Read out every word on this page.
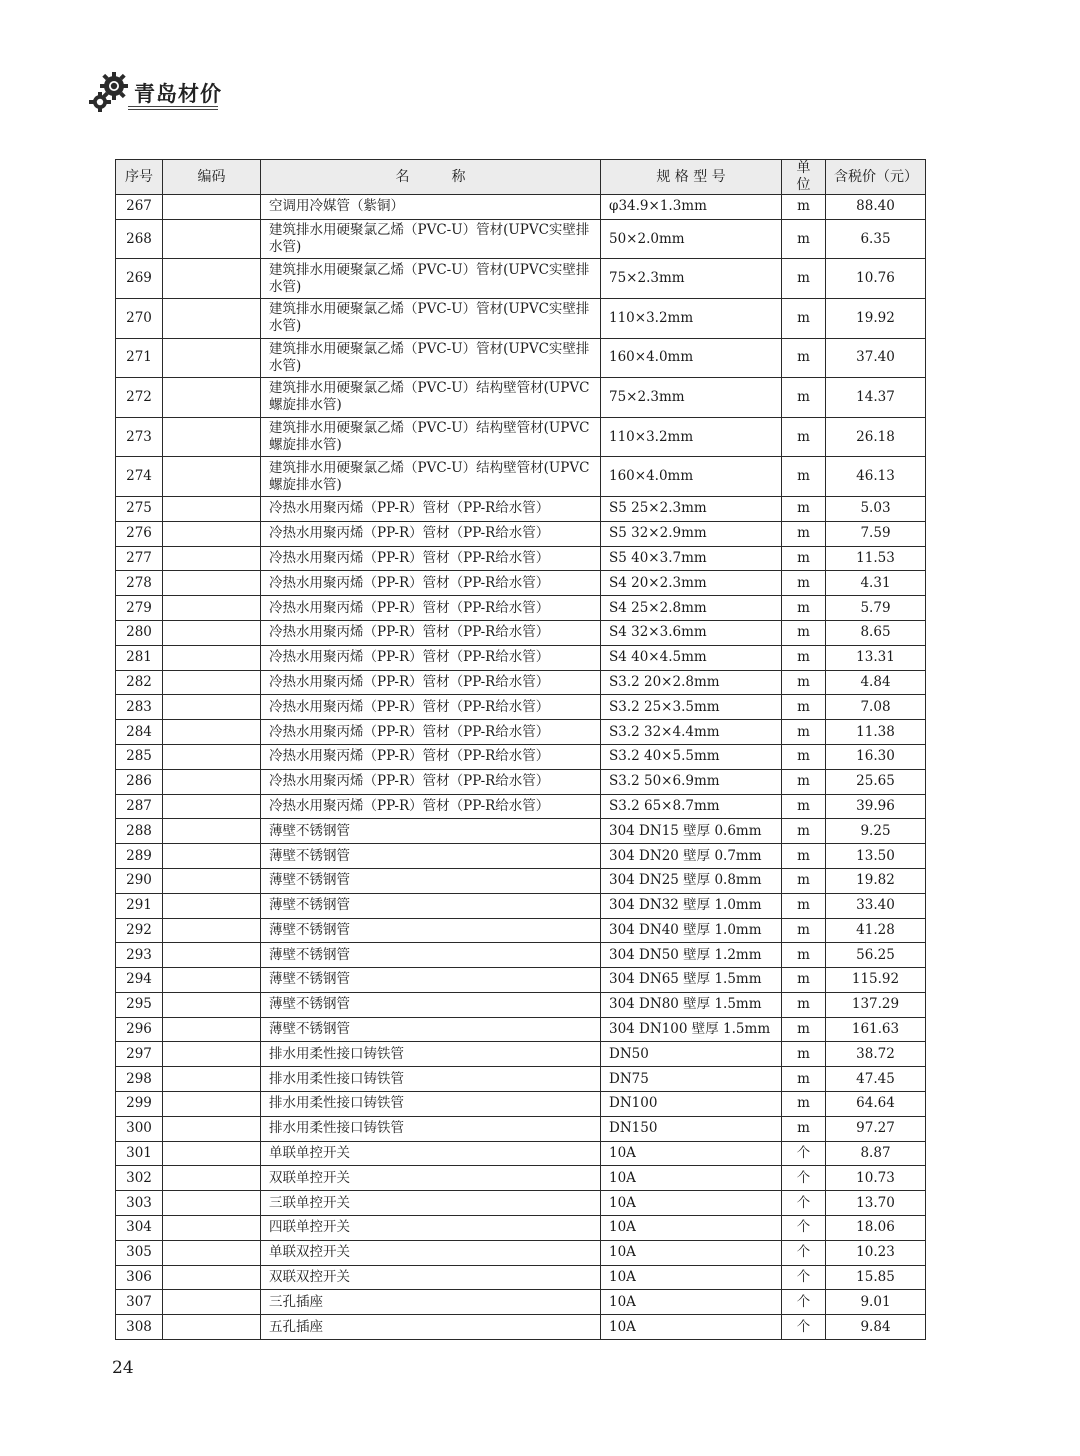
青岛材价
序号	编码	名　　　称	规 格 型 号	单位	含税价（元）
267		空调用冷媒管（紫铜）	φ34.9×1.3mm	m	88.40
268		建筑排水用硬聚氯乙烯（PVC-U）管材(UPVC实壁排水管)	50×2.0mm	m	6.35
269		建筑排水用硬聚氯乙烯（PVC-U）管材(UPVC实壁排水管)	75×2.3mm	m	10.76
270		建筑排水用硬聚氯乙烯（PVC-U）管材(UPVC实壁排水管)	110×3.2mm	m	19.92
271		建筑排水用硬聚氯乙烯（PVC-U）管材(UPVC实壁排水管)	160×4.0mm	m	37.40
272		建筑排水用硬聚氯乙烯（PVC-U）结构壁管材(UPVC螺旋排水管)	75×2.3mm	m	14.37
273		建筑排水用硬聚氯乙烯（PVC-U）结构壁管材(UPVC螺旋排水管)	110×3.2mm	m	26.18
274		建筑排水用硬聚氯乙烯（PVC-U）结构壁管材(UPVC螺旋排水管)	160×4.0mm	m	46.13
275		冷热水用聚丙烯（PP-R）管材（PP-R给水管）	S5 25×2.3mm	m	5.03
276		冷热水用聚丙烯（PP-R）管材（PP-R给水管）	S5 32×2.9mm	m	7.59
277		冷热水用聚丙烯（PP-R）管材（PP-R给水管）	S5 40×3.7mm	m	11.53
278		冷热水用聚丙烯（PP-R）管材（PP-R给水管）	S4 20×2.3mm	m	4.31
279		冷热水用聚丙烯（PP-R）管材（PP-R给水管）	S4 25×2.8mm	m	5.79
280		冷热水用聚丙烯（PP-R）管材（PP-R给水管）	S4 32×3.6mm	m	8.65
281		冷热水用聚丙烯（PP-R）管材（PP-R给水管）	S4 40×4.5mm	m	13.31
282		冷热水用聚丙烯（PP-R）管材（PP-R给水管）	S3.2 20×2.8mm	m	4.84
283		冷热水用聚丙烯（PP-R）管材（PP-R给水管）	S3.2 25×3.5mm	m	7.08
284		冷热水用聚丙烯（PP-R）管材（PP-R给水管）	S3.2 32×4.4mm	m	11.38
285		冷热水用聚丙烯（PP-R）管材（PP-R给水管）	S3.2 40×5.5mm	m	16.30
286		冷热水用聚丙烯（PP-R）管材（PP-R给水管）	S3.2 50×6.9mm	m	25.65
287		冷热水用聚丙烯（PP-R）管材（PP-R给水管）	S3.2 65×8.7mm	m	39.96
288		薄壁不锈钢管	304 DN15 壁厚 0.6mm	m	9.25
289		薄壁不锈钢管	304 DN20 壁厚 0.7mm	m	13.50
290		薄壁不锈钢管	304 DN25 壁厚 0.8mm	m	19.82
291		薄壁不锈钢管	304 DN32 壁厚 1.0mm	m	33.40
292		薄壁不锈钢管	304 DN40 壁厚 1.0mm	m	41.28
293		薄壁不锈钢管	304 DN50 壁厚 1.2mm	m	56.25
294		薄壁不锈钢管	304 DN65 壁厚 1.5mm	m	115.92
295		薄壁不锈钢管	304 DN80 壁厚 1.5mm	m	137.29
296		薄壁不锈钢管	304 DN100 壁厚 1.5mm	m	161.63
297		排水用柔性接口铸铁管	DN50	m	38.72
298		排水用柔性接口铸铁管	DN75	m	47.45
299		排水用柔性接口铸铁管	DN100	m	64.64
300		排水用柔性接口铸铁管	DN150	m	97.27
301		单联单控开关	10A	个	8.87
302		双联单控开关	10A	个	10.73
303		三联单控开关	10A	个	13.70
304		四联单控开关	10A	个	18.06
305		单联双控开关	10A	个	10.23
306		双联双控开关	10A	个	15.85
307		三孔插座	10A	个	9.01
308		五孔插座	10A	个	9.84
24
